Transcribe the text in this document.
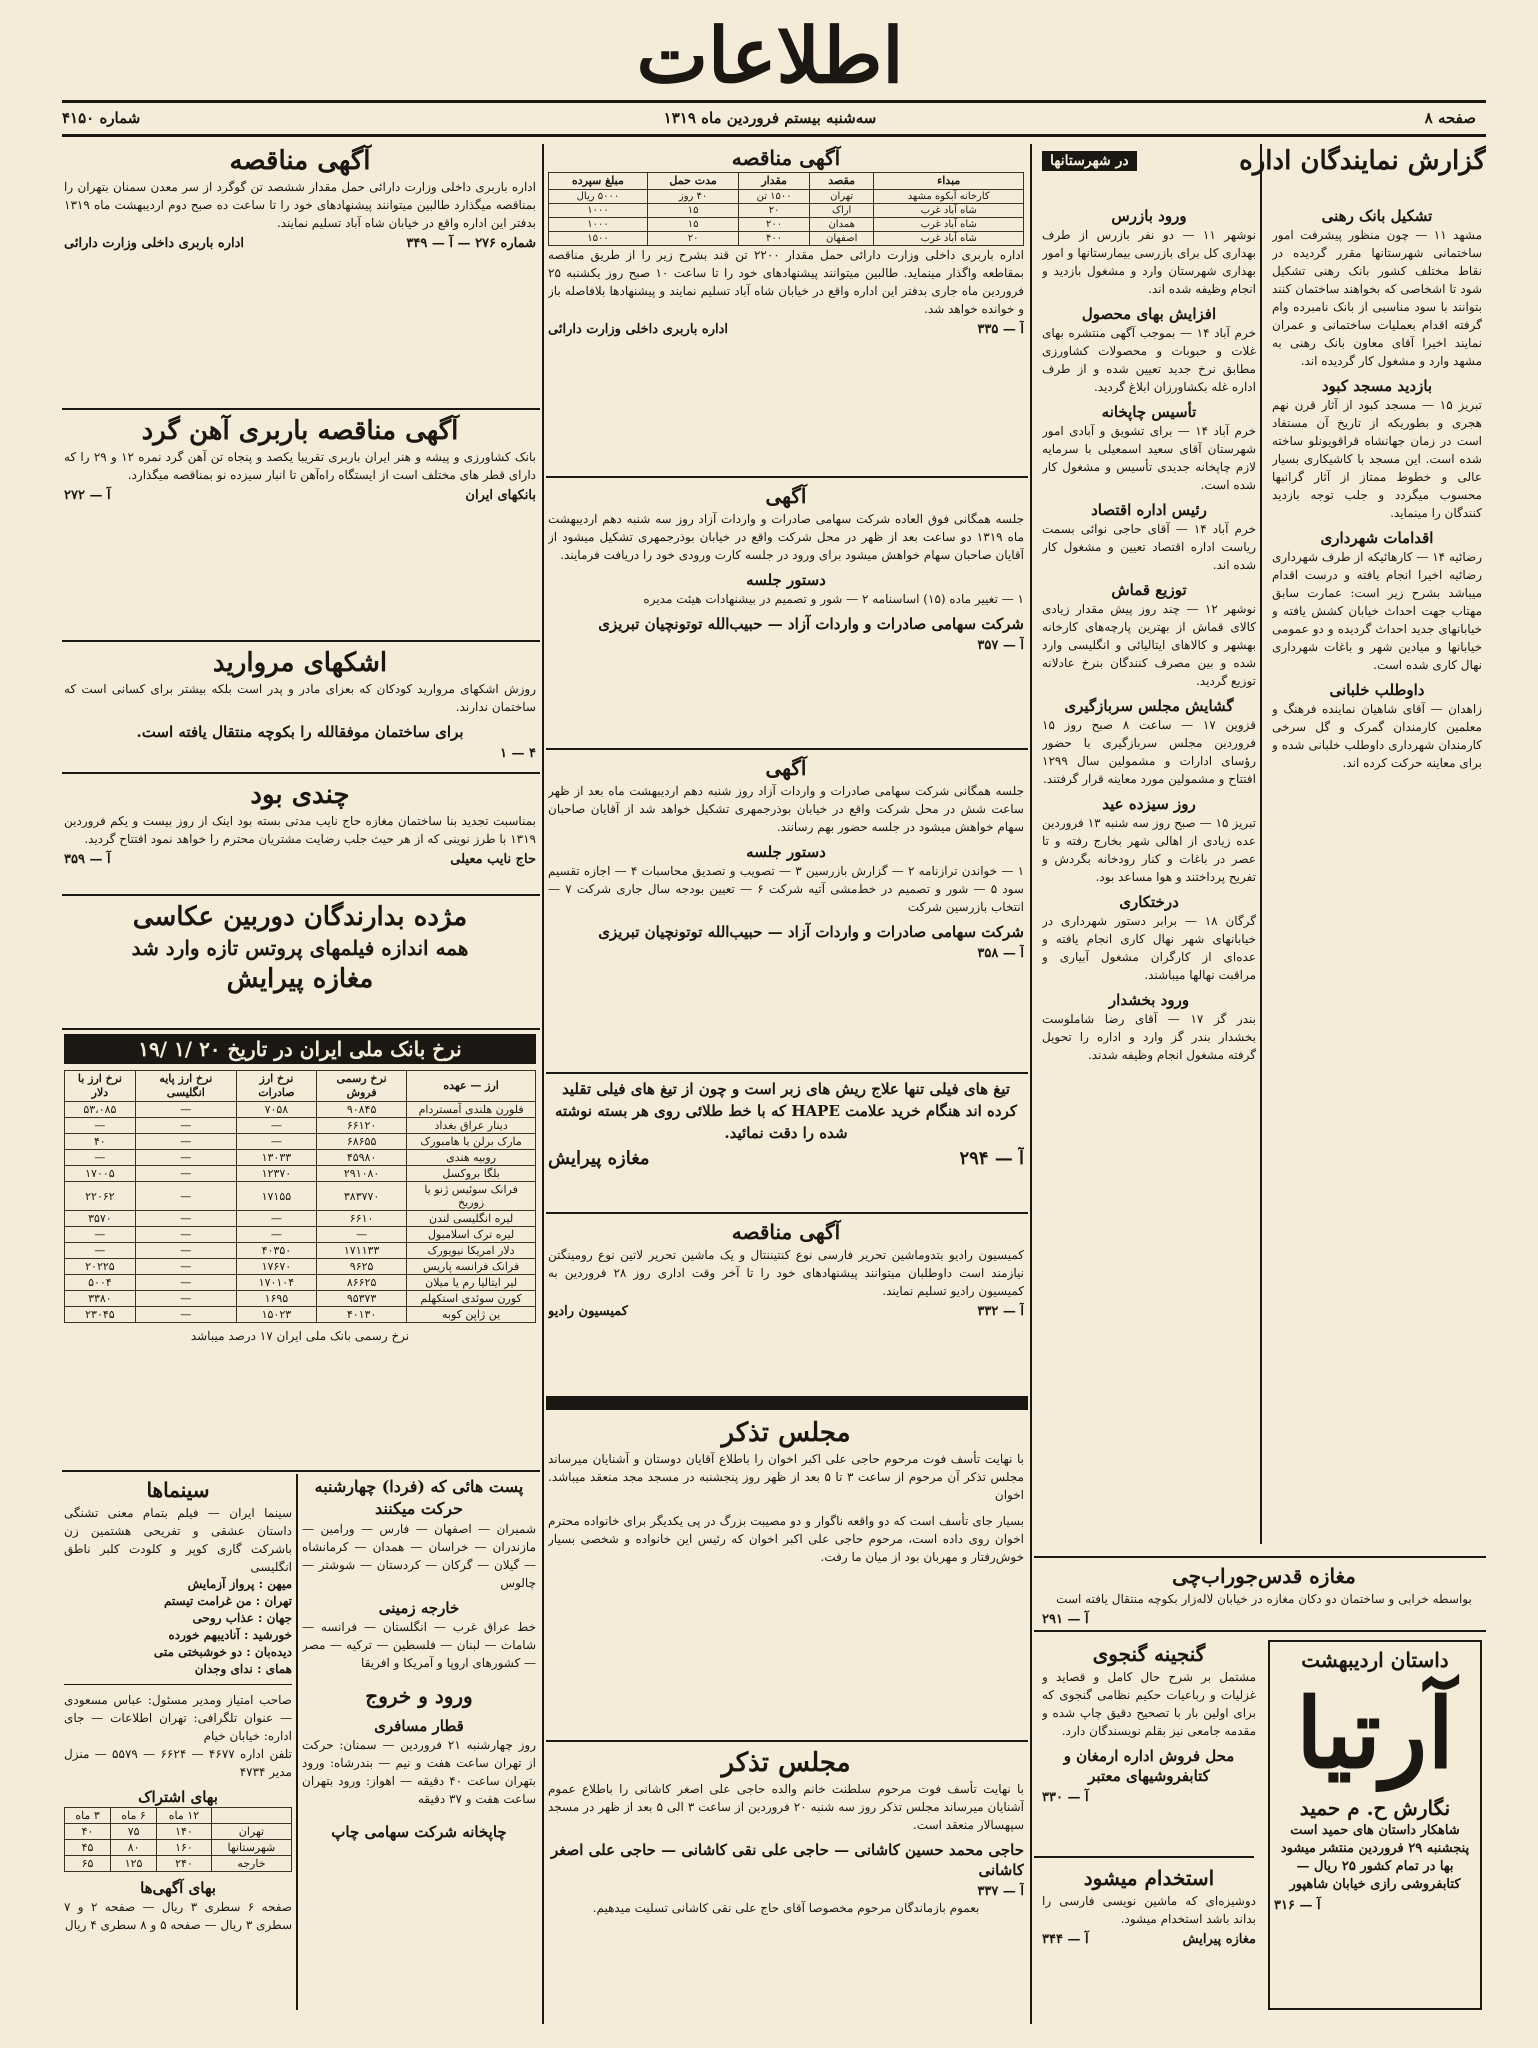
اطلاعات
صفحه ۸
سه‌شنبه بیستم فروردین ماه ۱۳۱۹
شماره ۴۱۵۰
گزارش نمایندگان اداره
در شهرستانها
تشکیل بانک رهنی
مشهد ۱۱ — چون منظور پیشرفت امور ساختمانی شهرستانها مقرر گردیده در نقاط مختلف کشور بانک رهنی تشکیل شود تا اشخاصی که بخواهند ساختمان کنند بتوانند با سود مناسبی از بانک نامبرده وام گرفته اقدام بعملیات ساختمانی و عمران نمایند اخیرا آقای معاون بانک رهنی به مشهد وارد و مشغول کار گردیده اند.
بازدید مسجد کبود
تبریز ۱۵ — مسجد کبود از آثار قرن نهم هجری و بطوریکه از تاریخ آن مستفاد است در زمان جهانشاه قراقویونلو ساخته شده است. این مسجد با کاشیکاری بسیار عالی و خطوط ممتاز از آثار گرانبها محسوب میگردد و جلب توجه بازدید کنندگان را مینماید.
اقدامات شهرداری
رضائیه ۱۴ — کارهائیکه از طرف شهرداری رضائیه اخیرا انجام یافته و درست اقدام میباشد بشرح زیر است: عمارت سابق مهتاب جهت احداث خیابان کشش یافته و خیابانهای جدید احداث گردیده و دو عمومی خیابانها و میادین شهر و باغات شهرداری نهال کاری شده است.
داوطلب خلبانی
زاهدان — آقای شاهیان نماینده فرهنگ و معلمین کارمندان گمرک و گل سرخی کارمندان شهرداری داوطلب خلبانی شده و برای معاینه حرکت کرده اند.
ورود بازرس
نوشهر ۱۱ — دو نفر بازرس از طرف بهداری کل برای بازرسی بیمارستانها و امور بهداری شهرستان وارد و مشغول بازدید و انجام وظیفه شده اند.
افزایش بهای محصول
خرم آباد ۱۴ — بموجب آگهی منتشره بهای غلات و حبوبات و محصولات کشاورزی مطابق نرخ جدید تعیین شده و از طرف اداره غله بکشاورزان ابلاغ گردید.
تأسیس چاپخانه
خرم آباد ۱۴ — برای تشویق و آبادی امور شهرستان آقای سعید اسمعیلی با سرمایه لازم چاپخانه جدیدی تأسیس و مشغول کار شده است.
رئیس اداره اقتصاد
خرم آباد ۱۴ — آقای حاجی نوائی بسمت ریاست اداره اقتصاد تعیین و مشغول کار شده اند.
توزیع قماش
نوشهر ۱۲ — چند روز پیش مقدار زیادی کالای قماش از بهترین پارچه‌های کارخانه بهشهر و کالاهای ایتالیائی و انگلیسی وارد شده و بین مصرف کنندگان بنرخ عادلانه توزیع گردید.
گشایش مجلس سربازگیری
قزوین ۱۷ — ساعت ۸ صبح روز ۱۵ فروردین مجلس سربازگیری با حضور رؤسای ادارات و مشمولین سال ۱۲۹۹ افتتاح و مشمولین مورد معاینه قرار گرفتند.
روز سیزده عید
تبریز ۱۵ — صبح روز سه شنبه ۱۳ فروردین عده زیادی از اهالی شهر بخارج رفته و تا عصر در باغات و کنار رودخانه بگردش و تفریح پرداختند و هوا مساعد بود.
درختکاری
گرگان ۱۸ — برابر دستور شهرداری در خیابانهای شهر نهال کاری انجام یافته و عده‌ای از کارگران مشغول آبیاری و مراقبت نهالها میباشند.
ورود بخشدار
بندر گز ۱۷ — آقای رضا شاملوست بخشدار بندر گز وارد و اداره را تحویل گرفته مشغول انجام وظیفه شدند.
مغازه قدس‌جوراب‌چی
بواسطه خرابی و ساختمان دو دکان مغازه در خیابان لاله‌زار بکوچه منتقال یافته است
آ — ۲۹۱
داستان اردیبهشت
آرتیا
نگارش ح. م حمید
شاهکار داستان های حمید است پنجشنبه ۲۹ فروردین منتشر میشود بها در تمام کشور ۲۵ ریال — کتابفروشی رازی خیابان شاهپور
آ — ۳۱۶
گنجینه گنجوی
مشتمل بر شرح حال کامل و قصاید و غزلیات و رباعیات حکیم نظامی گنجوی که برای اولین بار با تصحیح دقیق چاپ شده و مقدمه جامعی نیز بقلم نویسندگان دارد.
محل فروش اداره ارمغان و کتابفروشیهای معتبر
آ — ۳۳۰
استخدام میشود
دوشیزه‌ای که ماشین نویسی فارسی را بداند باشد استخدام میشود.
مغازه پیرایش
آ — ۳۴۴
آگهی مناقصه
مبداء	مقصد	مقدار	مدت حمل	مبلغ سپرده
کارخانه آبکوه مشهد	تهران	۱۵۰۰ تن	۴۰ روز	۵۰۰۰ ریال
شاه آباد غرب	اراک	۲۰	۱۵	۱۰۰۰
شاه آباد غرب	همدان	۲۰۰	۱۵	۱۰۰۰
شاه آباد غرب	اصفهان	۴۰۰	۲۰	۱۵۰۰
اداره باربری داخلی وزارت دارائی حمل مقدار ۲۲۰۰ تن قند بشرح زیر را از طریق مناقصه بمقاطعه واگذار مینماید. طالبین میتوانند پیشنهادهای خود را تا ساعت ۱۰ صبح روز یکشنبه ۲۵ فروردین ماه جاری بدفتر این اداره واقع در خیابان شاه آباد تسلیم نمایند و پیشنهادها بلافاصله باز و خوانده خواهد شد.
آ — ۳۳۵
اداره باربری داخلی وزارت دارائی
آگهی
جلسه همگانی فوق العاده شرکت سهامی صادرات و واردات آزاد روز سه شنبه دهم اردیبهشت ماه ۱۳۱۹ دو ساعت بعد از ظهر در محل شرکت واقع در خیابان بوذرجمهری تشکیل میشود از آقایان صاحبان سهام خواهش میشود برای ورود در جلسه کارت ورودی خود را دریافت فرمایند.
دستور جلسه
۱ — تغییر ماده (۱۵) اساسنامه ۲ — شور و تصمیم در بیشنهادات هیئت مدیره
شرکت سهامی صادرات و واردات آزاد — حبیب‌الله توتونچیان تبریزی
آ — ۳۵۷
آگهی
جلسه همگانی شرکت سهامی صادرات و واردات آزاد روز شنبه دهم اردیبهشت ماه بعد از ظهر ساعت شش در محل شرکت واقع در خیابان بوذرجمهری تشکیل خواهد شد از آقایان صاحبان سهام خواهش میشود در جلسه حضور بهم رسانند.
دستور جلسه
۱ — خواندن ترازنامه ۲ — گزارش بازرسین ۳ — تصویب و تصدیق محاسبات ۴ — اجازه تقسیم سود ۵ — شور و تصمیم در خط‌مشی آتیه شرکت ۶ — تعیین بودجه سال جاری شرکت ۷ — انتخاب بازرسین شرکت
شرکت سهامی صادرات و واردات آزاد — حبیب‌الله توتونچیان تبریزی
آ — ۳۵۸
تیغ های فیلی تنها علاج ریش های زبر است و چون از تیغ های فیلی تقلید کرده اند هنگام خرید علامت HAPE که با خط طلائی روی هر بسته نوشته شده را دقت نمائید.
آ — ۲۹۴
مغازه پیرایش
آگهی مناقصه
کمیسیون رادیو بتدوماشین تحریر فارسی نوع کنتیننتال و یک ماشین تحریر لاتین نوع رومینگتن نیازمند است داوطلبان میتوانند پیشنهادهای خود را تا آخر وقت اداری روز ۲۸ فروردین به کمیسیون رادیو تسلیم نمایند.
آ — ۳۳۲
کمیسیون رادیو
مجلس تذکر
با نهایت تأسف فوت مرحوم حاجی علی اکبر اخوان را باطلاع آقایان دوستان و آشنایان میرساند مجلس تذکر آن مرحوم از ساعت ۳ تا ۵ بعد از ظهر روز پنجشنبه در مسجد مجد منعقد میباشد. اخوان
بسیار جای تأسف است که دو واقعه ناگوار و دو مصیبت بزرگ در پی یکدیگر برای خانواده محترم اخوان روی داده است، مرحوم حاجی علی اکبر اخوان که رئیس این خانواده و شخصی بسیار خوش‌رفتار و مهربان بود از میان ما رفت.
مجلس تذکر
با نهایت تأسف فوت مرحوم سلطنت خانم والده حاجی علی اصغر کاشانی را باطلاع عموم آشنایان میرساند مجلس تذکر روز سه شنبه ۲۰ فروردین از ساعت ۳ الی ۵ بعد از ظهر در مسجد سپهسالار منعقد است.
حاجی محمد حسین کاشانی — حاجی علی نقی کاشانی — حاجی علی اصغر کاشانی
آ — ۳۳۷
بعموم بازماندگان مرحوم مخصوصا آقای حاج علی نقی کاشانی تسلیت میدهیم.
آگهی مناقصه
اداره باربری داخلی وزارت دارائی حمل مقدار ششصد تن گوگرد از سر معدن سمنان بتهران را بمناقصه میگذارد طالبین میتوانند پیشنهادهای خود را تا ساعت ده صبح دوم اردیبهشت ماه ۱۳۱۹ بدفتر این اداره واقع در خیابان شاه آباد تسلیم نمایند.
شماره ۲۷۶ — آ — ۳۴۹
اداره باربری داخلی وزارت دارائی
آگهی مناقصه باربری آهن گرد
بانک کشاورزی و پیشه و هنر ایران باربری تقریبا یکصد و پنجاه تن آهن گرد نمره ۱۲ و ۲۹ را که دارای قطر های مختلف است از ایستگاه راه‌آهن تا انبار سیزده نو بمناقصه میگذارد.
بانکهای ایران
آ — ۲۷۲
اشکهای مروارید
روزش اشکهای مروارید کودکان که بعزای مادر و پدر است بلکه بیشتر برای کسانی است که ساختمان ندارند.
برای ساختمان موفقالله را بکوچه منتقال یافته است.
۴ — ۱
چندی بود
بمناسبت تجدید بنا ساختمان مغازه حاج نایب مدتی بسته بود اینک از روز بیست و یکم فروردین ۱۳۱۹ با طرز نوینی که از هر حیث جلب رضایت مشتریان محترم را خواهد نمود افتتاح گردید.
حاج نایب معیلی
آ — ۳۵۹
مژده بدارندگان دوربین عکاسی
همه اندازه فیلمهای پروتس تازه وارد شد
مغازه پیرایش
نرخ بانک ملی ایران در تاریخ ۲۰ /۱ /۱۹
ارز — عهده	نرخ رسمی فروش	نرخ ارز صادرات	نرخ ارز پایه انگلیسی	نرخ ارز با دلار
فلورن هلندی آمستردام	۹۰۸۴۵	۷۰۵۸	—	۵۳،۰۸۵
دینار عراق بغداد	۶۶۱۲۰	—	—	—
مارک برلن یا هامبورک	۶۸۶۵۵	—	—	۴۰
روبیه هندی	۴۵۹۸۰	۱۳۰۳۳	—	—
بلگا بروکسل	۲۹۱۰۸۰	۱۲۳۷۰	—	۱۷۰۰۵
فرانک سوئیس ژنو یا زوریخ	۳۸۳۷۷۰	۱۷۱۵۵	—	۲۲۰۶۲
لیره انگلیسی لندن	۶۶۱۰	—	—	۳۵۷۰
لیره ترک اسلامبول	—	—	—	—
دلار امریکا نیویورک	۱۷۱۱۳۳	۴۰۳۵۰	—	—
فرانک فرانسه پاریس	۹۶۲۵	۱۷۶۷۰	—	۲۰۲۲۵
لیر ایتالیا رم یا میلان	۸۶۶۲۵	۱۷۰۱۰۴	—	۵۰۰۴
کورن سوئدی استکهلم	۹۵۳۷۳	۱۶۹۵	—	۳۳۸۰
ین ژاپن کوبه	۴۰۱۳۰	۱۵۰۲۳	—	۲۳۰۴۵
نرخ رسمی بانک ملی ایران ۱۷ درصد میباشد
پست هائی که (فردا) چهارشنبه حرکت میکنند
شمیران — اصفهان — فارس — ورامین — مازندران — خراسان — همدان — کرمانشاه — گیلان — گرکان — کردستان — شوشتر — چالوس
خارجه زمینی
خط عراق غرب — انگلستان — فرانسه — شامات — لبنان — فلسطین — ترکیه — مصر — کشورهای اروپا و آمریکا و افریقا
ورود و خروج
قطار مسافری
روز چهارشنبه ۲۱ فروردین — سمنان: حرکت از تهران ساعت هفت و نیم — بندرشاه: ورود بتهران ساعت ۴۰ دقیقه — اهواز: ورود بتهران ساعت هفت و ۳۷ دقیقه
چاپخانه شرکت سهامی چاپ
سینماها
سینما ایران — فیلم بتمام معنی تشنگی داستان عشقی و تفریحی هشتمین زن باشرکت گاری کوپر و کلودت کلبر ناطق انگلیسی
میهن : پرواز آزمایش
تهران : من غرامت تیستم
جهان : عذاب روحی
خورشید : آنادیبهم خورده
دیده‌بان : دو خوشبختی متی
همای : ندای وجدان
صاحب امتیاز ومدیر مسئول: عباس مسعودی — عنوان تلگرافی: تهران اطلاعات — جای اداره: خیابان خیام
تلفن اداره ۴۶۷۷ — ۶۶۲۴ — ۵۵۷۹ — منزل مدیر ۴۷۳۴
بهای اشتراک
	۱۲ ماه	۶ ماه	۳ ماه
تهران	۱۴۰	۷۵	۴۰
شهرستانها	۱۶۰	۸۰	۴۵
خارجه	۲۴۰	۱۲۵	۶۵
بهای آگهی‌ها
صفحه ۶ سطری ۳ ریال — صفحه ۲ و ۷ سطری ۳ ریال — صفحه ۵ و ۸ سطری ۴ ریال
